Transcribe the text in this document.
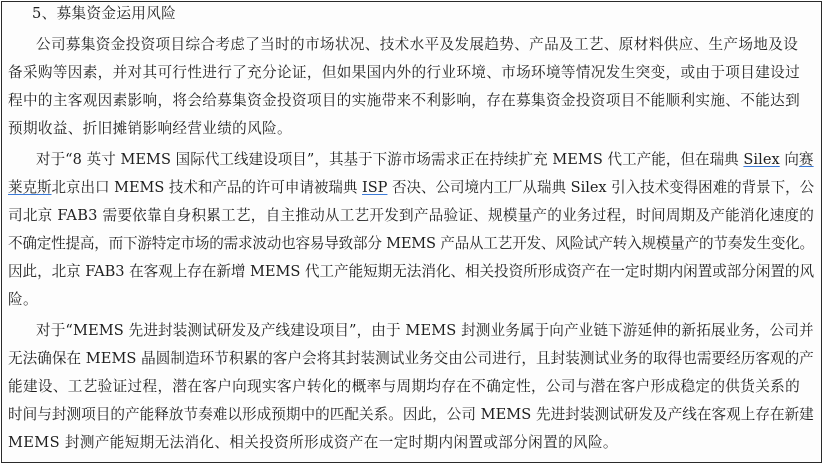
5、募集资金运用风险
公司募集资金投资项目综合考虑了当时的市场状况、技术水平及发展趋势、产品及工艺、原材料供应、生产场地及设
备采购等因素，并对其可行性进行了充分论证，但如果国内外的行业环境、市场环境等情况发生突变，或由于项目建设过
程中的主客观因素影响，将会给募集资金投资项目的实施带来不利影响，存在募集资金投资项目不能顺利实施、不能达到
预期收益、折旧摊销影响经营业绩的风险。
对于“8 英寸 MEMS 国际代工线建设项目”，其基于下游市场需求正在持续扩充 MEMS 代工产能，但在瑞典 Silex 向赛
莱克斯北京出口 MEMS 技术和产品的许可申请被瑞典 ISP 否决、公司境内工厂从瑞典 Silex 引入技术变得困难的背景下，公
司北京 FAB3 需要依靠自身积累工艺，自主推动从工艺开发到产品验证、规模量产的业务过程，时间周期及产能消化速度的
不确定性提高，而下游特定市场的需求波动也容易导致部分 MEMS 产品从工艺开发、风险试产转入规模量产的节奏发生变化。
因此，北京 FAB3 在客观上存在新增 MEMS 代工产能短期无法消化、相关投资所形成资产在一定时期内闲置或部分闲置的风
险。
对于“MEMS 先进封装测试研发及产线建设项目”，由于 MEMS 封测业务属于向产业链下游延伸的新拓展业务，公司并
无法确保在 MEMS 晶圆制造环节积累的客户会将其封装测试业务交由公司进行，且封装测试业务的取得也需要经历客观的产
能建设、工艺验证过程，潜在客户向现实客户转化的概率与周期均存在不确定性，公司与潜在客户形成稳定的供货关系的
时间与封测项目的产能释放节奏难以形成预期中的匹配关系。因此，公司 MEMS 先进封装测试研发及产线在客观上存在新建
MEMS 封测产能短期无法消化、相关投资所形成资产在一定时期内闲置或部分闲置的风险。
